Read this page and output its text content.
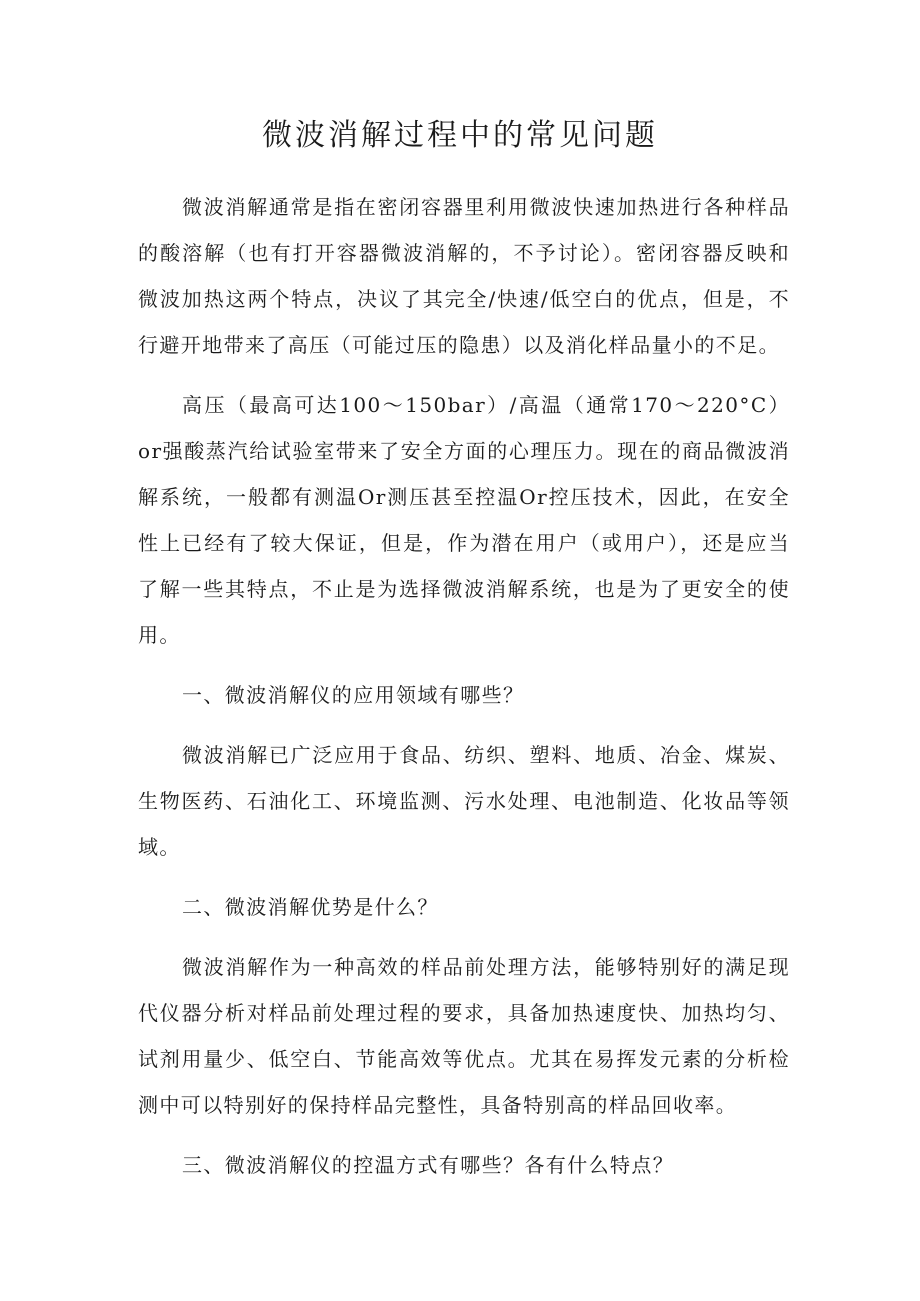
微波消解过程中的常见问题

微波消解通常是指在密闭容器里利用微波快速加热进行各种样品的酸溶解（也有打开容器微波消解的，不予讨论）。密闭容器反映和微波加热这两个特点，决议了其完全/快速/低空白的优点，但是，不行避开地带来了高压（可能过压的隐患）以及消化样品量小的不足。

高压（最高可达100～150bar）/高温（通常170～220°C）or强酸蒸汽给试验室带来了安全方面的心理压力。现在的商品微波消解系统，一般都有测温Or测压甚至控温Or控压技术，因此，在安全性上已经有了较大保证，但是，作为潜在用户（或用户），还是应当了解一些其特点，不止是为选择微波消解系统，也是为了更安全的使用。

一、微波消解仪的应用领域有哪些？

微波消解已广泛应用于食品、纺织、塑料、地质、冶金、煤炭、生物医药、石油化工、环境监测、污水处理、电池制造、化妆品等领域。

二、微波消解优势是什么？

微波消解作为一种高效的样品前处理方法，能够特别好的满足现代仪器分析对样品前处理过程的要求，具备加热速度快、加热均匀、试剂用量少、低空白、节能高效等优点。尤其在易挥发元素的分析检测中可以特别好的保持样品完整性，具备特别高的样品回收率。

三、微波消解仪的控温方式有哪些？各有什么特点？
